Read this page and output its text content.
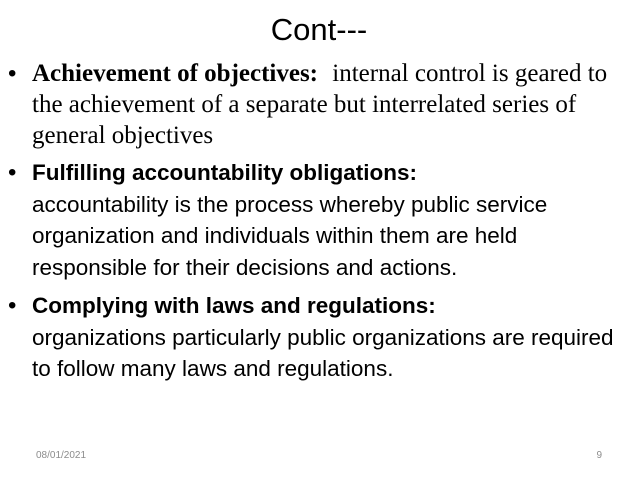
Cont---
• Achievement of objectives: internal control is geared to the achievement of a separate but interrelated series of general objectives
• Fulfilling accountability obligations:
accountability is the process whereby public service organization and individuals within them are held responsible for their decisions and actions.
• Complying with laws and regulations:
organizations particularly public organizations are required to follow many laws and regulations.
08/01/2021	9
